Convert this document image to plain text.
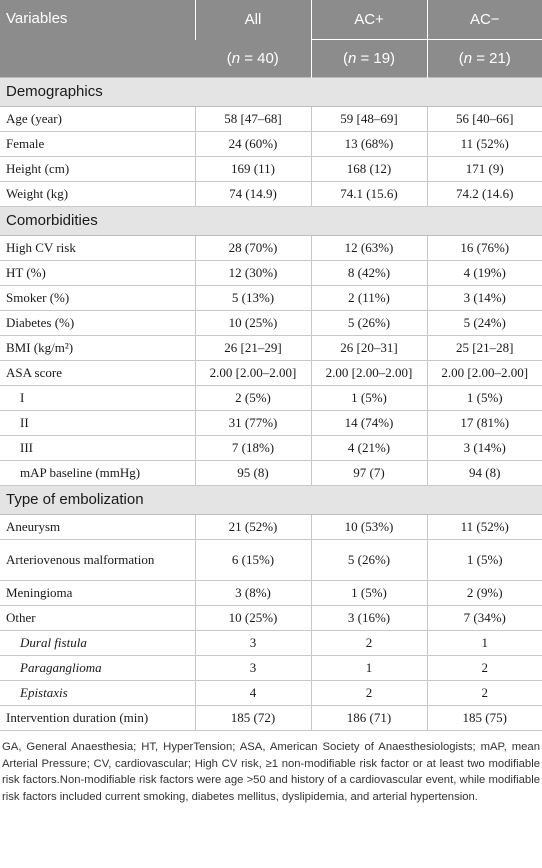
Variables	All	AC+	AC−
	(n = 40)	(n = 19)	(n = 21)
Demographics			
Age (year)	58 [47–68]	59 [48–69]	56 [40–66]
Female	24 (60%)	13 (68%)	11 (52%)
Height (cm)	169 (11)	168 (12)	171 (9)
Weight (kg)	74 (14.9)	74.1 (15.6)	74.2 (14.6)
Comorbidities			
High CV risk	28 (70%)	12 (63%)	16 (76%)
HT (%)	12 (30%)	8 (42%)	4 (19%)
Smoker (%)	5 (13%)	2 (11%)	3 (14%)
Diabetes (%)	10 (25%)	5 (26%)	5 (24%)
BMI (kg/m²)	26 [21–29]	26 [20–31]	25 [21–28]
ASA score	2.00 [2.00–2.00]	2.00 [2.00–2.00]	2.00 [2.00–2.00]
I	2 (5%)	1 (5%)	1 (5%)
II	31 (77%)	14 (74%)	17 (81%)
III	7 (18%)	4 (21%)	3 (14%)
mAP baseline (mmHg)	95 (8)	97 (7)	94 (8)
Type of embolization			
Aneurysm	21 (52%)	10 (53%)	11 (52%)
Arteriovenous malformation	6 (15%)	5 (26%)	1 (5%)
Meningioma	3 (8%)	1 (5%)	2 (9%)
Other	10 (25%)	3 (16%)	7 (34%)
Dural fistula	3	2	1
Paraganglioma	3	1	2
Epistaxis	4	2	2
Intervention duration (min)	185 (72)	186 (71)	185 (75)
GA, General Anaesthesia; HT, HyperTension; ASA, American Society of Anaesthesiologists; mAP, mean Arterial Pressure; CV, cardiovascular; High CV risk, ≥1 non-modifiable risk factor or at least two modifiable risk factors.Non-modifiable risk factors were age >50 and history of a cardiovascular event, while modifiable risk factors included current smoking, diabetes mellitus, dyslipidemia, and arterial hypertension.
